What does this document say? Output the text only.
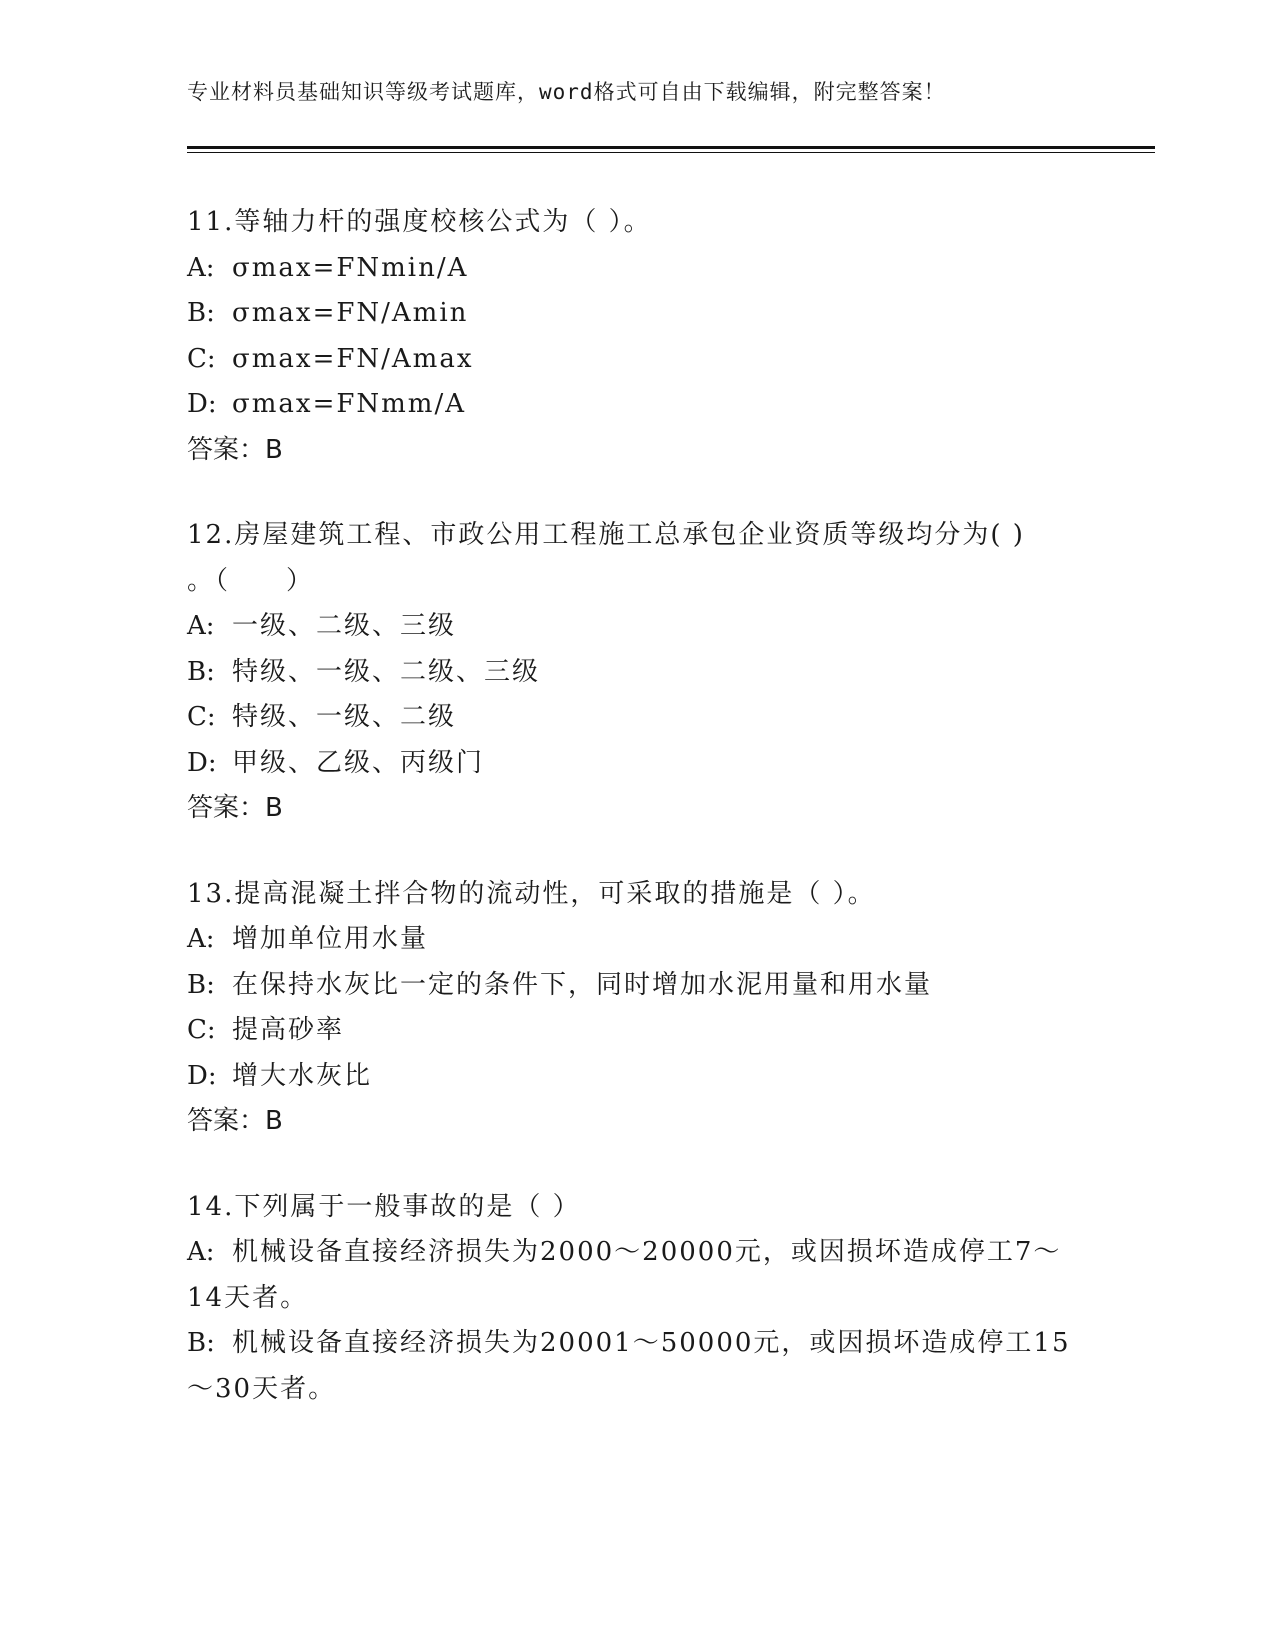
专业材料员基础知识等级考试题库，word格式可自由下载编辑，附完整答案！
11.等轴力杆的强度校核公式为（ ）。
A: σmax=FNmin/A
B: σmax=FN/Amin
C: σmax=FN/Amax
D: σmax=FNmm/A
答案：B
12.房屋建筑工程、市政公用工程施工总承包企业资质等级均分为( )
。（　　）
A: 一级、二级、三级
B: 特级、一级、二级、三级
C: 特级、一级、二级
D: 甲级、乙级、丙级门
答案：B
13.提高混凝土拌合物的流动性，可采取的措施是（ ）。
A: 增加单位用水量
B: 在保持水灰比一定的条件下，同时增加水泥用量和用水量
C: 提高砂率
D: 增大水灰比
答案：B
14.下列属于一般事故的是（ ）
A: 机械设备直接经济损失为2000～20000元，或因损坏造成停工7～
14天者。
B: 机械设备直接经济损失为20001～50000元，或因损坏造成停工15
～30天者。
